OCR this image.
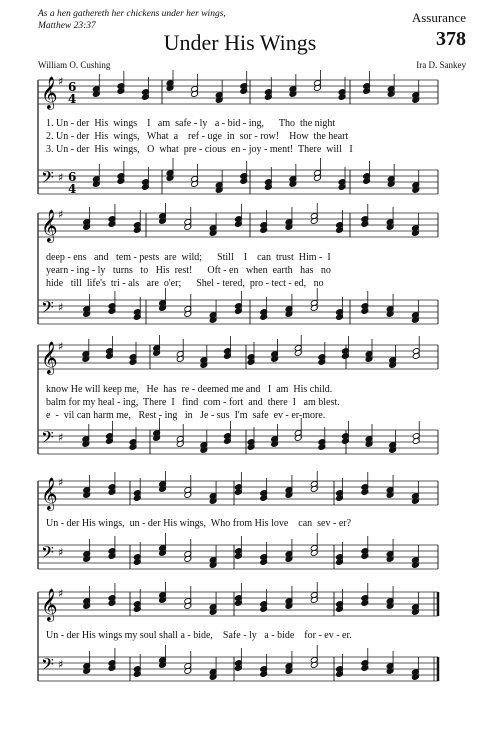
As a hen gathereth her chickens under her wings,
Matthew 23:37
Assurance
378
Under His Wings
William O. Cushing	Ira D. Sankey
𝄞 ♯ 6
4
𝄢 ♯ 6
4
1. Un - der  His  wings    I   am  safe - ly   a - bid - ing,      Tho  the night
2. Un - der  His  wings,   What  a    ref - uge  in  sor - row!    How  the heart
3. Un - der  His  wings,   O  what  pre - cious  en - joy - ment!  There  will   I
𝄞 ♯
𝄢 ♯
deep - ens   and   tem - pests  are  wild;      Still    I    can  trust  Him -  I
yearn - ing - ly   turns   to   His  rest!      Oft - en   when  earth   has   no
hide   till  life's  tri - als   are  o'er;      Shel - tered,  pro - tect - ed,   no
𝄞 ♯
𝄢 ♯
know He will keep me,   He  has  re - deemed me and   I  am  His child.
balm for my heal - ing,  There  I   find  com - fort  and  there  I   am blest.
e  -  vil can harm me,   Rest - ing   in   Je - sus  I'm  safe  ev - er-more.
𝄞 ♯
𝄢 ♯
Un - der His wings,  un - der His wings,  Who from His love    can  sev - er?
𝄞 ♯
𝄢 ♯
Un - der His wings my soul shall a - bide,    Safe - ly   a - bide    for - ev - er.
